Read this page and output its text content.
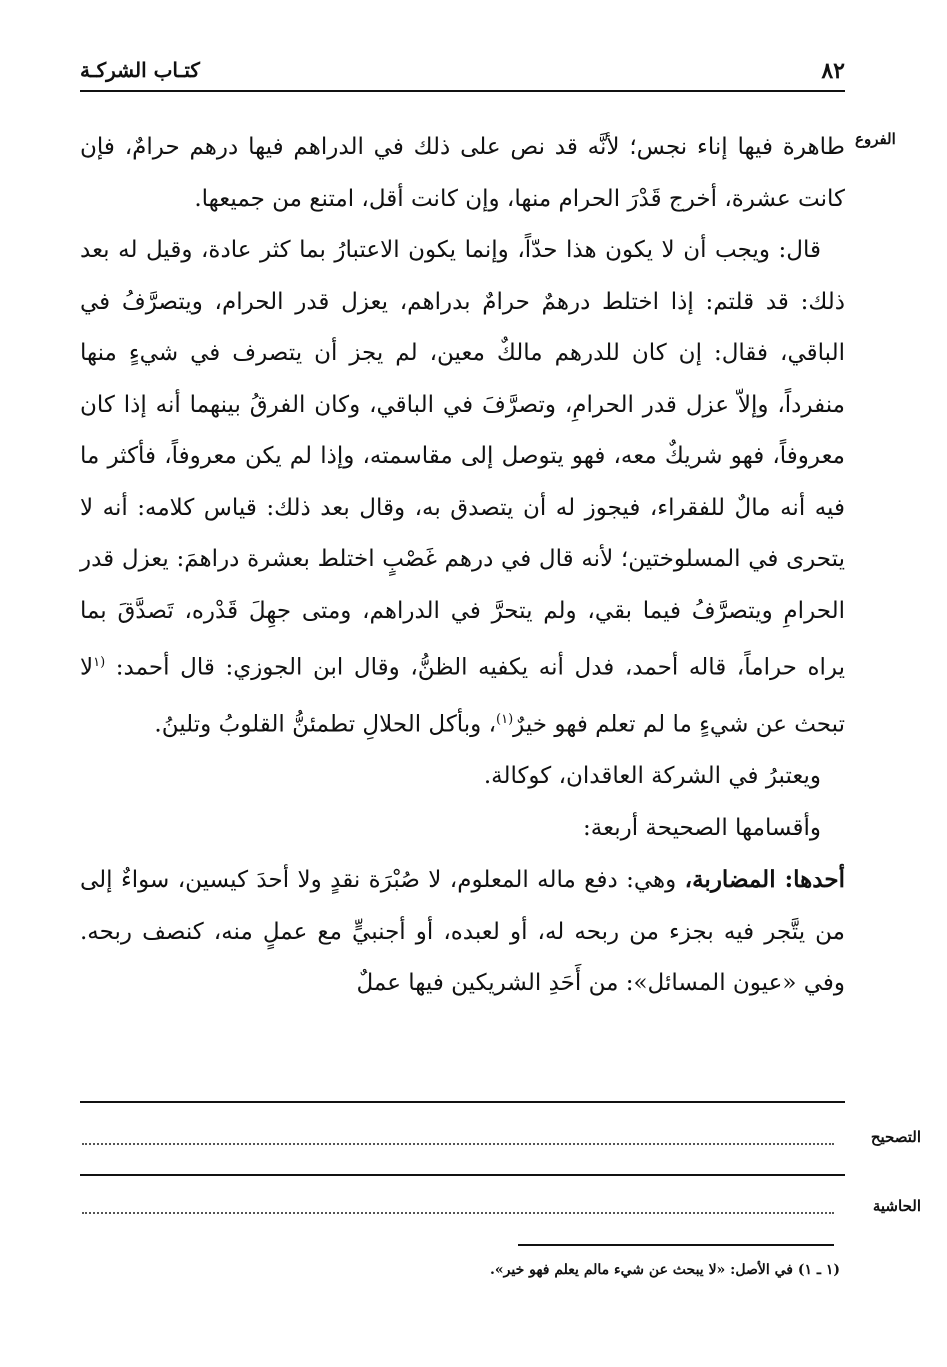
٨٢
كتـاب الشركـة
الفروع

طاهرة فيها إناء نجس؛ لأنَّه قد نص على ذلك في الدراهم فيها درهم حرامٌ، فإن كانت عشرة، أخرج قَدْرَ الحرام منها، وإن كانت أقل، امتنع من جميعها.

قال: ويجب أن لا يكون هذا حدّاً، وإنما يكون الاعتبارُ بما كثر عادة، وقيل له بعد ذلك: قد قلتم: إذا اختلط درهمٌ حرامٌ بدراهم، يعزل قدر الحرام، ويتصرَّفُ في الباقي، فقال: إن كان للدرهم مالكٌ معين، لم يجز أن يتصرف في شيءٍ منها منفرداً، وإلاّ عزل قدر الحرامِ، وتصرَّفَ في الباقي، وكان الفرقُ بينهما أنه إذا كان معروفاً، فهو شريكٌ معه، فهو يتوصل إلى مقاسمته، وإذا لم يكن معروفاً، فأكثر ما فيه أنه مالٌ للفقراء، فيجوز له أن يتصدق به، وقال بعد ذلك: قياس كلامه: أنه لا يتحرى في المسلوختين؛ لأنه قال في درهم غَصْبٍ اختلط بعشرة دراهمَ: يعزل قدر الحرامِ ويتصرَّفُ فيما بقي، ولم يتحرَّ في الدراهم، ومتى جهِلَ قَدْره، تَصدَّقَ بما يراه حراماً، قاله أحمد، فدل أنه يكفيه الظنُّ، وقال ابن الجوزي: قال أحمد: $^{(١}$لا تبحث عن شيءٍ ما لم تعلم فهو خيرٌ$^{(١)}$، وبأكل الحلالِ تطمئنُّ القلوبُ وتلينُ.

ويعتبرُ في الشركة العاقدان، كوكالة.

وأقسامها الصحيحة أربعة:

أحدها: المضاربة، وهي: دفع ماله المعلوم، لا صُبْرَة نقدٍ ولا أحدَ كيسين، سواءٌ إلى من يتَّجر فيه بجزء من ربحه له، أو لعبده، أو أجنبيٍّ مع عملٍ منه، كنصف ربحه. وفي «عيون المسائل»: من أَحَدِ الشريكين فيها عملٌ

التصحيح
الحاشية
(١ ـ ١) في الأصل: «لا يبحث عن شيء مالم يعلم فهو خير».
